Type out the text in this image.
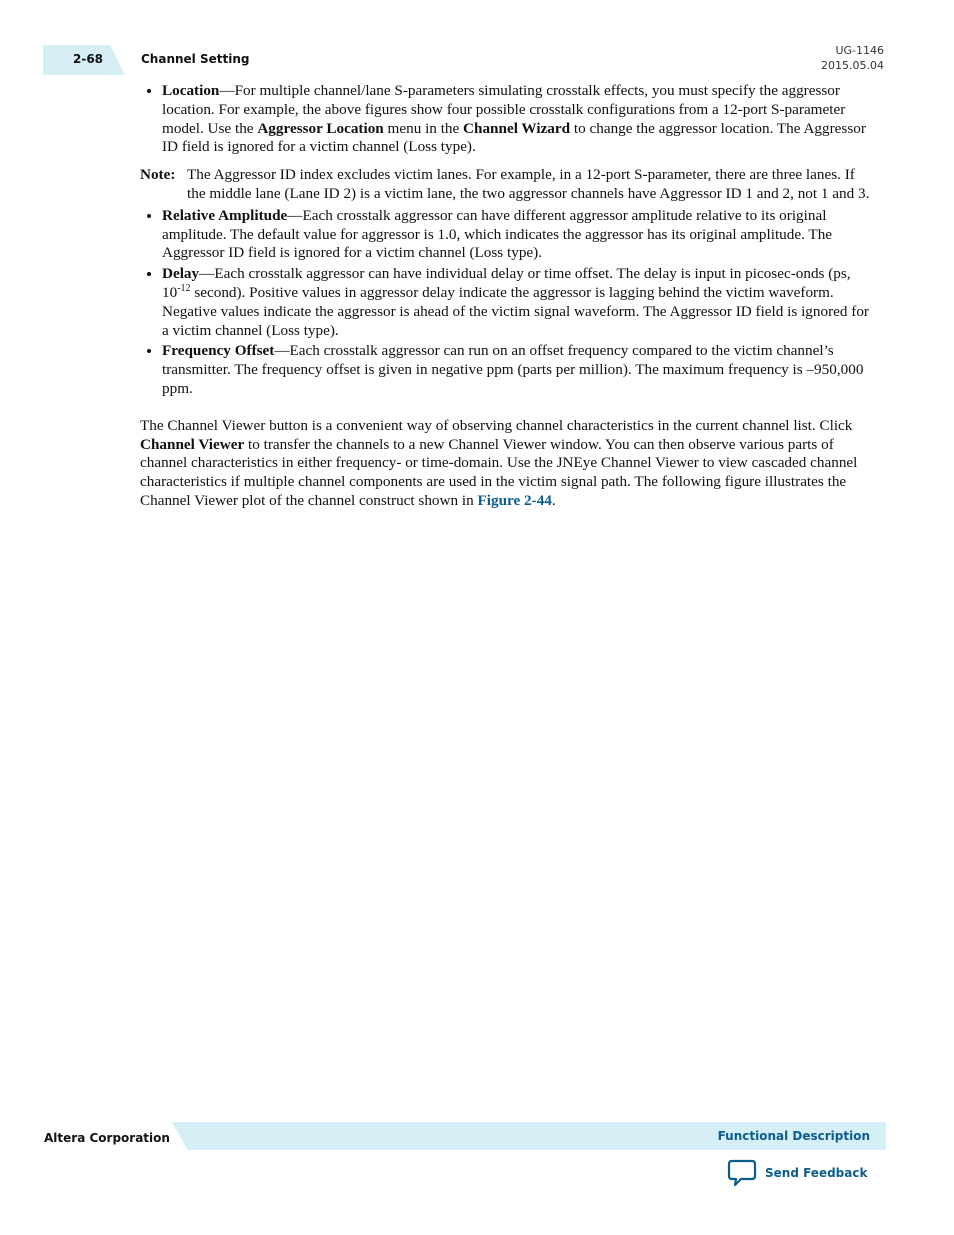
2-68	Channel Setting
UG-1146
2015.05.04
• Location—For multiple channel/lane S-parameters simulating crosstalk effects, you must specify the aggressor location. For example, the above figures show four possible crosstalk configurations from a 12-port S-parameter model. Use the Aggressor Location menu in the Channel Wizard to change the aggressor location. The Aggressor ID field is ignored for a victim channel (Loss type).
Note: The Aggressor ID index excludes victim lanes. For example, in a 12-port S-parameter, there are three lanes. If the middle lane (Lane ID 2) is a victim lane, the two aggressor channels have Aggressor ID 1 and 2, not 1 and 3.
• Relative Amplitude—Each crosstalk aggressor can have different aggressor amplitude relative to its original amplitude. The default value for aggressor is 1.0, which indicates the aggressor has its original amplitude. The Aggressor ID field is ignored for a victim channel (Loss type).
• Delay—Each crosstalk aggressor can have individual delay or time offset. The delay is input in picosec-onds (ps, $10^{-12}$ second). Positive values in aggressor delay indicate the aggressor is lagging behind the victim waveform. Negative values indicate the aggressor is ahead of the victim signal waveform. The Aggressor ID field is ignored for a victim channel (Loss type).
• Frequency Offset—Each crosstalk aggressor can run on an offset frequency compared to the victim channel’s transmitter. The frequency offset is given in negative ppm (parts per million). The maximum frequency is –950,000 ppm.

The Channel Viewer button is a convenient way of observing channel characteristics in the current channel list. Click Channel Viewer to transfer the channels to a new Channel Viewer window. You can then observe various parts of channel characteristics in either frequency- or time-domain. Use the JNEye Channel Viewer to view cascaded channel characteristics if multiple channel components are used in the victim signal path. The following figure illustrates the Channel Viewer plot of the channel construct shown in Figure 2-44.

Altera Corporation	Functional Description
Send Feedback
